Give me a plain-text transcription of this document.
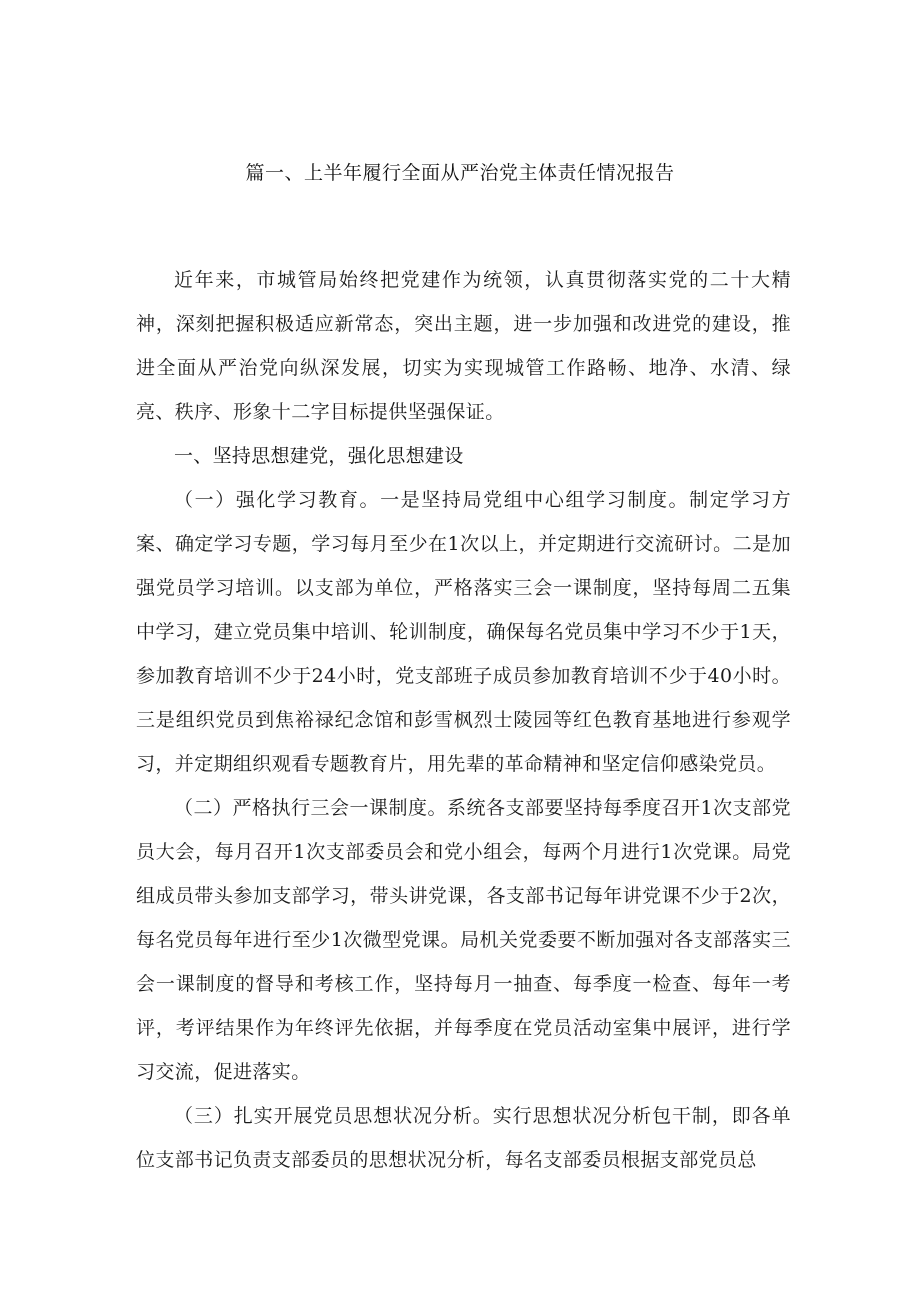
篇一、上半年履行全面从严治党主体责任情况报告

近年来，市城管局始终把党建作为统领，认真贯彻落实党的二十大精神，深刻把握积极适应新常态，突出主题，进一步加强和改进党的建设，推进全面从严治党向纵深发展，切实为实现城管工作路畅、地净、水清、绿亮、秩序、形象十二字目标提供坚强保证。

一、坚持思想建党，强化思想建设

（一）强化学习教育。一是坚持局党组中心组学习制度。制定学习方案、确定学习专题，学习每月至少在1次以上，并定期进行交流研讨。二是加强党员学习培训。以支部为单位，严格落实三会一课制度，坚持每周二五集中学习，建立党员集中培训、轮训制度，确保每名党员集中学习不少于1天，参加教育培训不少于24小时，党支部班子成员参加教育培训不少于40小时。三是组织党员到焦裕禄纪念馆和彭雪枫烈士陵园等红色教育基地进行参观学习，并定期组织观看专题教育片，用先辈的革命精神和坚定信仰感染党员。

（二）严格执行三会一课制度。系统各支部要坚持每季度召开1次支部党员大会，每月召开1次支部委员会和党小组会，每两个月进行1次党课。局党组成员带头参加支部学习，带头讲党课，各支部书记每年讲党课不少于2次，每名党员每年进行至少1次微型党课。局机关党委要不断加强对各支部落实三会一课制度的督导和考核工作，坚持每月一抽查、每季度一检查、每年一考评，考评结果作为年终评先依据，并每季度在党员活动室集中展评，进行学习交流，促进落实。

（三）扎实开展党员思想状况分析。实行思想状况分析包干制，即各单位支部书记负责支部委员的思想状况分析，每名支部委员根据支部党员总
